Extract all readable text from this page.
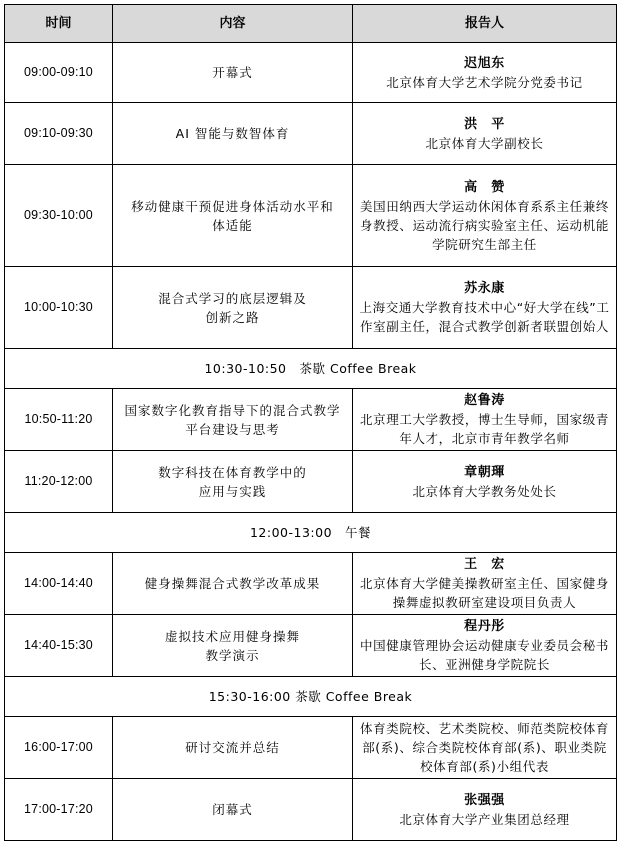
时间	内容	报告人
09:00-09:10	开幕式	迟旭东
北京体育大学艺术学院分党委书记

09:10-09:30	AI 智能与数智体育	洪　平
北京体育大学副校长

09:30-10:00	移动健康干预促进身体活动水平和体适能	高　赞
美国田纳西大学运动休闲体育系系主任兼终身教授、运动流行病实验室主任、运动机能学院研究生部主任

10:00-10:30	混合式学习的底层逻辑及创新之路	苏永康
上海交通大学教育技术中心“好大学在线”工作室副主任，混合式教学创新者联盟创始人

10:30-10:50　茶歇 Coffee Break		
10:50-11:20	国家数字化教育指导下的混合式教学平台建设与思考	赵鲁涛
北京理工大学教授，博士生导师，国家级青年人才，北京市青年教学名师

11:20-12:00	数字科技在体育教学中的应用与实践	章朝琿
北京体育大学教务处处长

12:00-13:00　午餐		
14:00-14:40	健身操舞混合式教学改革成果	王　宏
北京体育大学健美操教研室主任、国家健身操舞虚拟教研室建设项目负责人

14:40-15:30	虚拟技术应用健身操舞教学演示	程丹彤
中国健康管理协会运动健康专业委员会秘书长、亚洲健身学院院长

15:30-16:00 茶歇 Coffee Break		
16:00-17:00	研讨交流并总结	体育类院校、艺术类院校、师范类院校体育部(系)、综合类院校体育部(系)、职业类院校体育部(系)小组代表

17:00-17:20	闭幕式	张强强
北京体育大学产业集团总经理
